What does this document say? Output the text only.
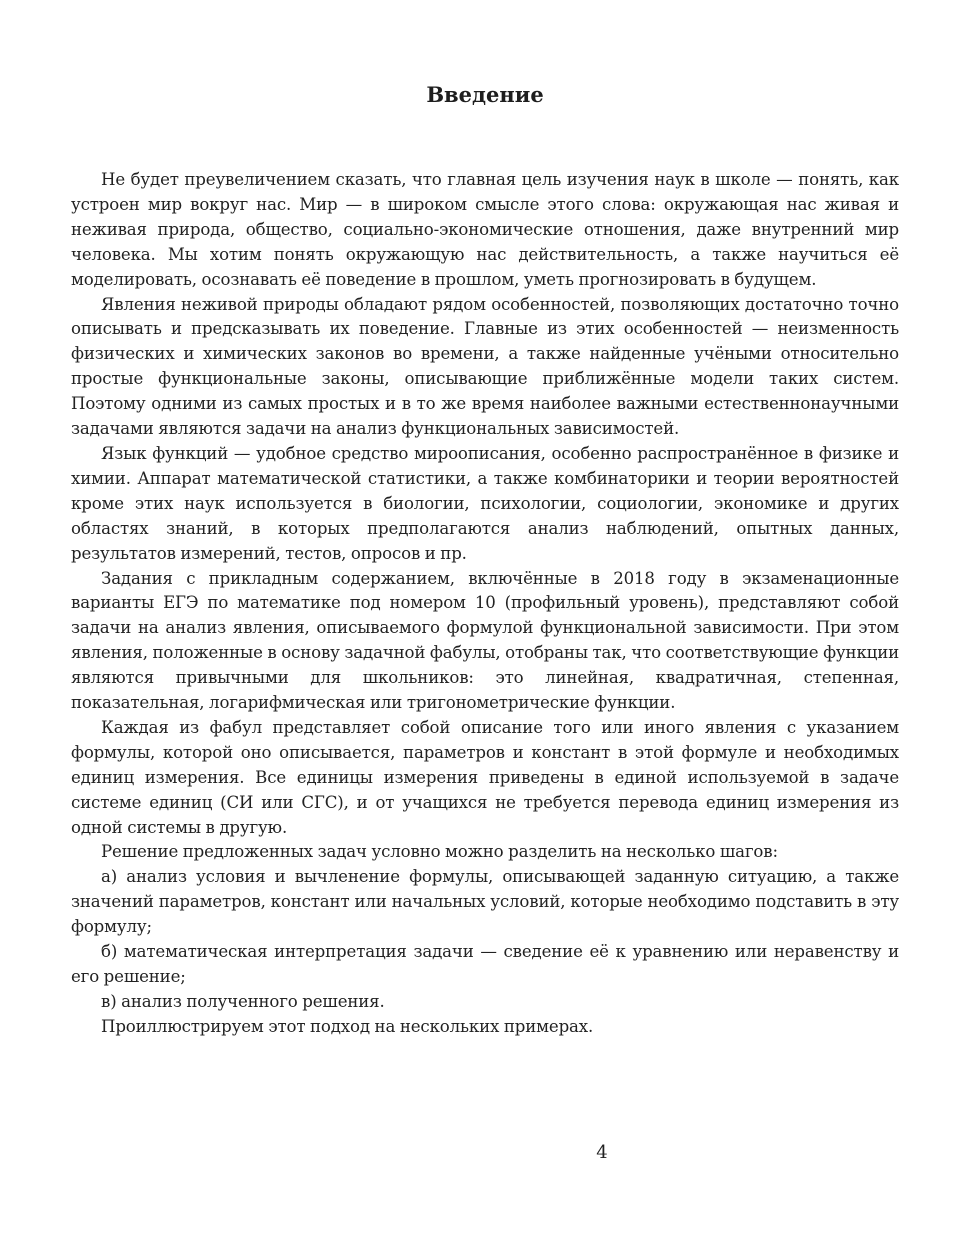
Введение

Не будет преувеличением сказать, что главная цель изучения наук в школе — понять, как устроен мир вокруг нас. Мир — в широком смысле этого слова: окружающая нас живая и неживая природа, общество, социально-экономические отношения, даже внутренний мир человека. Мы хотим понять окружающую нас действительность, а также научиться её моделировать, осознавать её поведение в прошлом, уметь прогнозировать в будущем.

Явления неживой природы обладают рядом особенностей, позволяющих достаточно точно описывать и предсказывать их поведение. Главные из этих особенностей — неизменность физических и химических законов во времени, а также найденные учёными относительно простые функциональные законы, описывающие приближённые модели таких систем. Поэтому одними из самых простых и в то же время наиболее важными естественнонаучными задачами являются задачи на анализ функциональных зависимостей.

Язык функций — удобное средство мироописания, особенно распространённое в физике и химии. Аппарат математической статистики, а также комбинаторики и теории вероятностей кроме этих наук используется в биологии, психологии, социологии, экономике и других областях знаний, в которых предполагаются анализ наблюдений, опытных данных, результатов измерений, тестов, опросов и пр.

Задания с прикладным содержанием, включённые в 2018 году в экзаменационные варианты ЕГЭ по математике под номером 10 (профильный уровень), представляют собой задачи на анализ явления, описываемого формулой функциональной зависимости. При этом явления, положенные в основу задачной фабулы, отобраны так, что соответствующие функции являются привычными для школьников: это линейная, квадратичная, степенная, показательная, логарифмическая или тригонометрические функции.

Каждая из фабул представляет собой описание того или иного явления с указанием формулы, которой оно описывается, параметров и констант в этой формуле и необходимых единиц измерения. Все единицы измерения приведены в единой используемой в задаче системе единиц (СИ или СГС), и от учащихся не требуется перевода единиц измерения из одной системы в другую.

Решение предложенных задач условно можно разделить на несколько шагов:

а) анализ условия и вычленение формулы, описывающей заданную ситуацию, а также значений параметров, констант или начальных условий, которые необходимо подставить в эту формулу;

б) математическая интерпретация задачи — сведение её к уравнению или неравенству и его решение;

в) анализ полученного решения.

Проиллюстрируем этот подход на нескольких примерах.

4
